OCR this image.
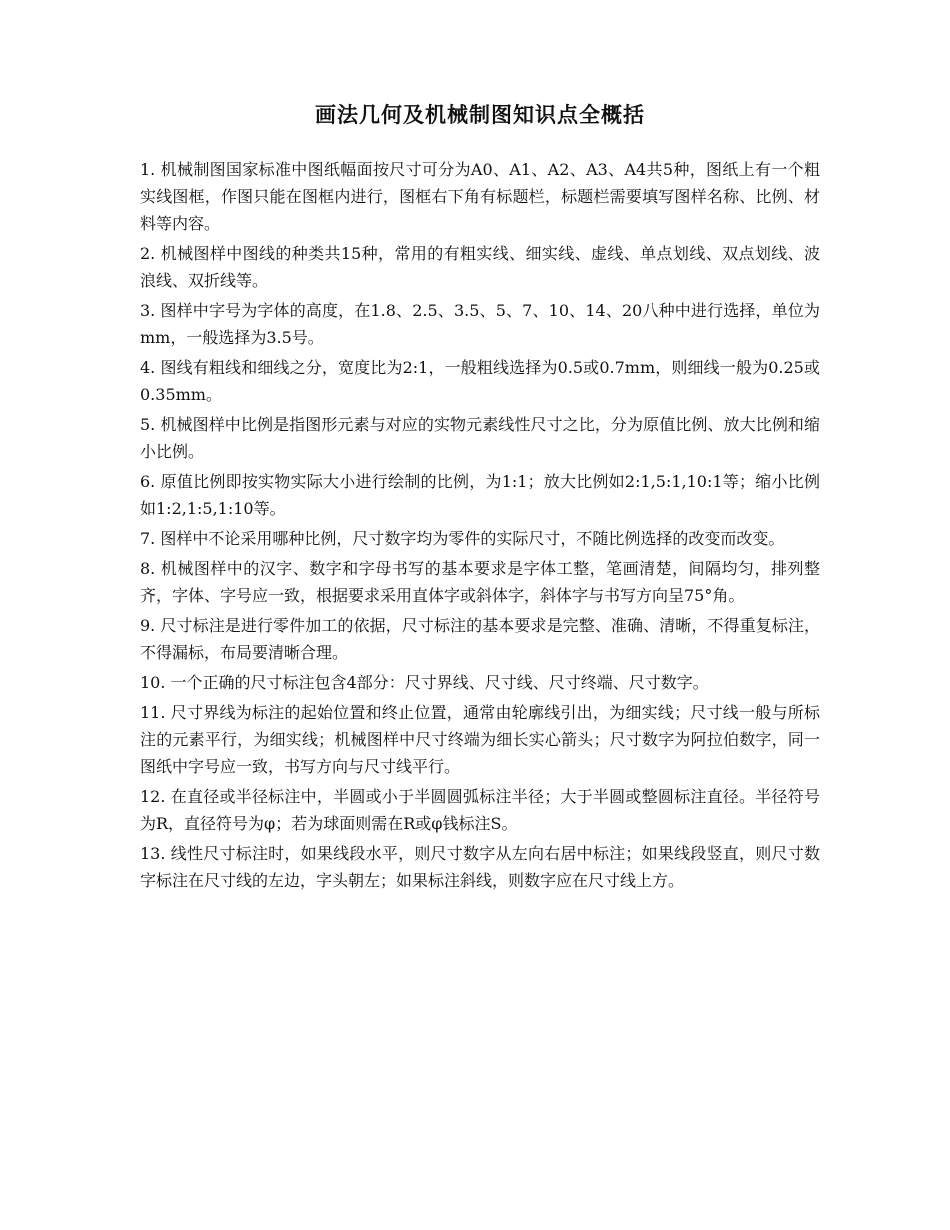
画法几何及机械制图知识点全概括
1. 机械制图国家标准中图纸幅面按尺寸可分为A0、A1、A2、A3、A4共5种，图纸上有一个粗实线图框，作图只能在图框内进行，图框右下角有标题栏，标题栏需要填写图样名称、比例、材料等内容。
2. 机械图样中图线的种类共15种，常用的有粗实线、细实线、虚线、单点划线、双点划线、波浪线、双折线等。
3. 图样中字号为字体的高度，在1.8、2.5、3.5、5、7、10、14、20八种中进行选择，单位为mm，一般选择为3.5号。
4. 图线有粗线和细线之分，宽度比为2:1，一般粗线选择为0.5或0.7mm，则细线一般为0.25或0.35mm。
5. 机械图样中比例是指图形元素与对应的实物元素线性尺寸之比，分为原值比例、放大比例和缩小比例。
6. 原值比例即按实物实际大小进行绘制的比例，为1:1；放大比例如2:1,5:1,10:1等；缩小比例如1:2,1:5,1:10等。
7. 图样中不论采用哪种比例，尺寸数字均为零件的实际尺寸，不随比例选择的改变而改变。
8. 机械图样中的汉字、数字和字母书写的基本要求是字体工整，笔画清楚，间隔均匀，排列整齐，字体、字号应一致，根据要求采用直体字或斜体字，斜体字与书写方向呈75°角。
9. 尺寸标注是进行零件加工的依据，尺寸标注的基本要求是完整、准确、清晰，不得重复标注，不得漏标，布局要清晰合理。
10. 一个正确的尺寸标注包含4部分：尺寸界线、尺寸线、尺寸终端、尺寸数字。
11. 尺寸界线为标注的起始位置和终止位置，通常由轮廓线引出，为细实线；尺寸线一般与所标注的元素平行，为细实线；机械图样中尺寸终端为细长实心箭头；尺寸数字为阿拉伯数字，同一图纸中字号应一致，书写方向与尺寸线平行。
12. 在直径或半径标注中，半圆或小于半圆圆弧标注半径；大于半圆或整圆标注直径。半径符号为R，直径符号为φ；若为球面则需在R或φ钱标注S。
13. 线性尺寸标注时，如果线段水平，则尺寸数字从左向右居中标注；如果线段竖直，则尺寸数字标注在尺寸线的左边，字头朝左；如果标注斜线，则数字应在尺寸线上方。
